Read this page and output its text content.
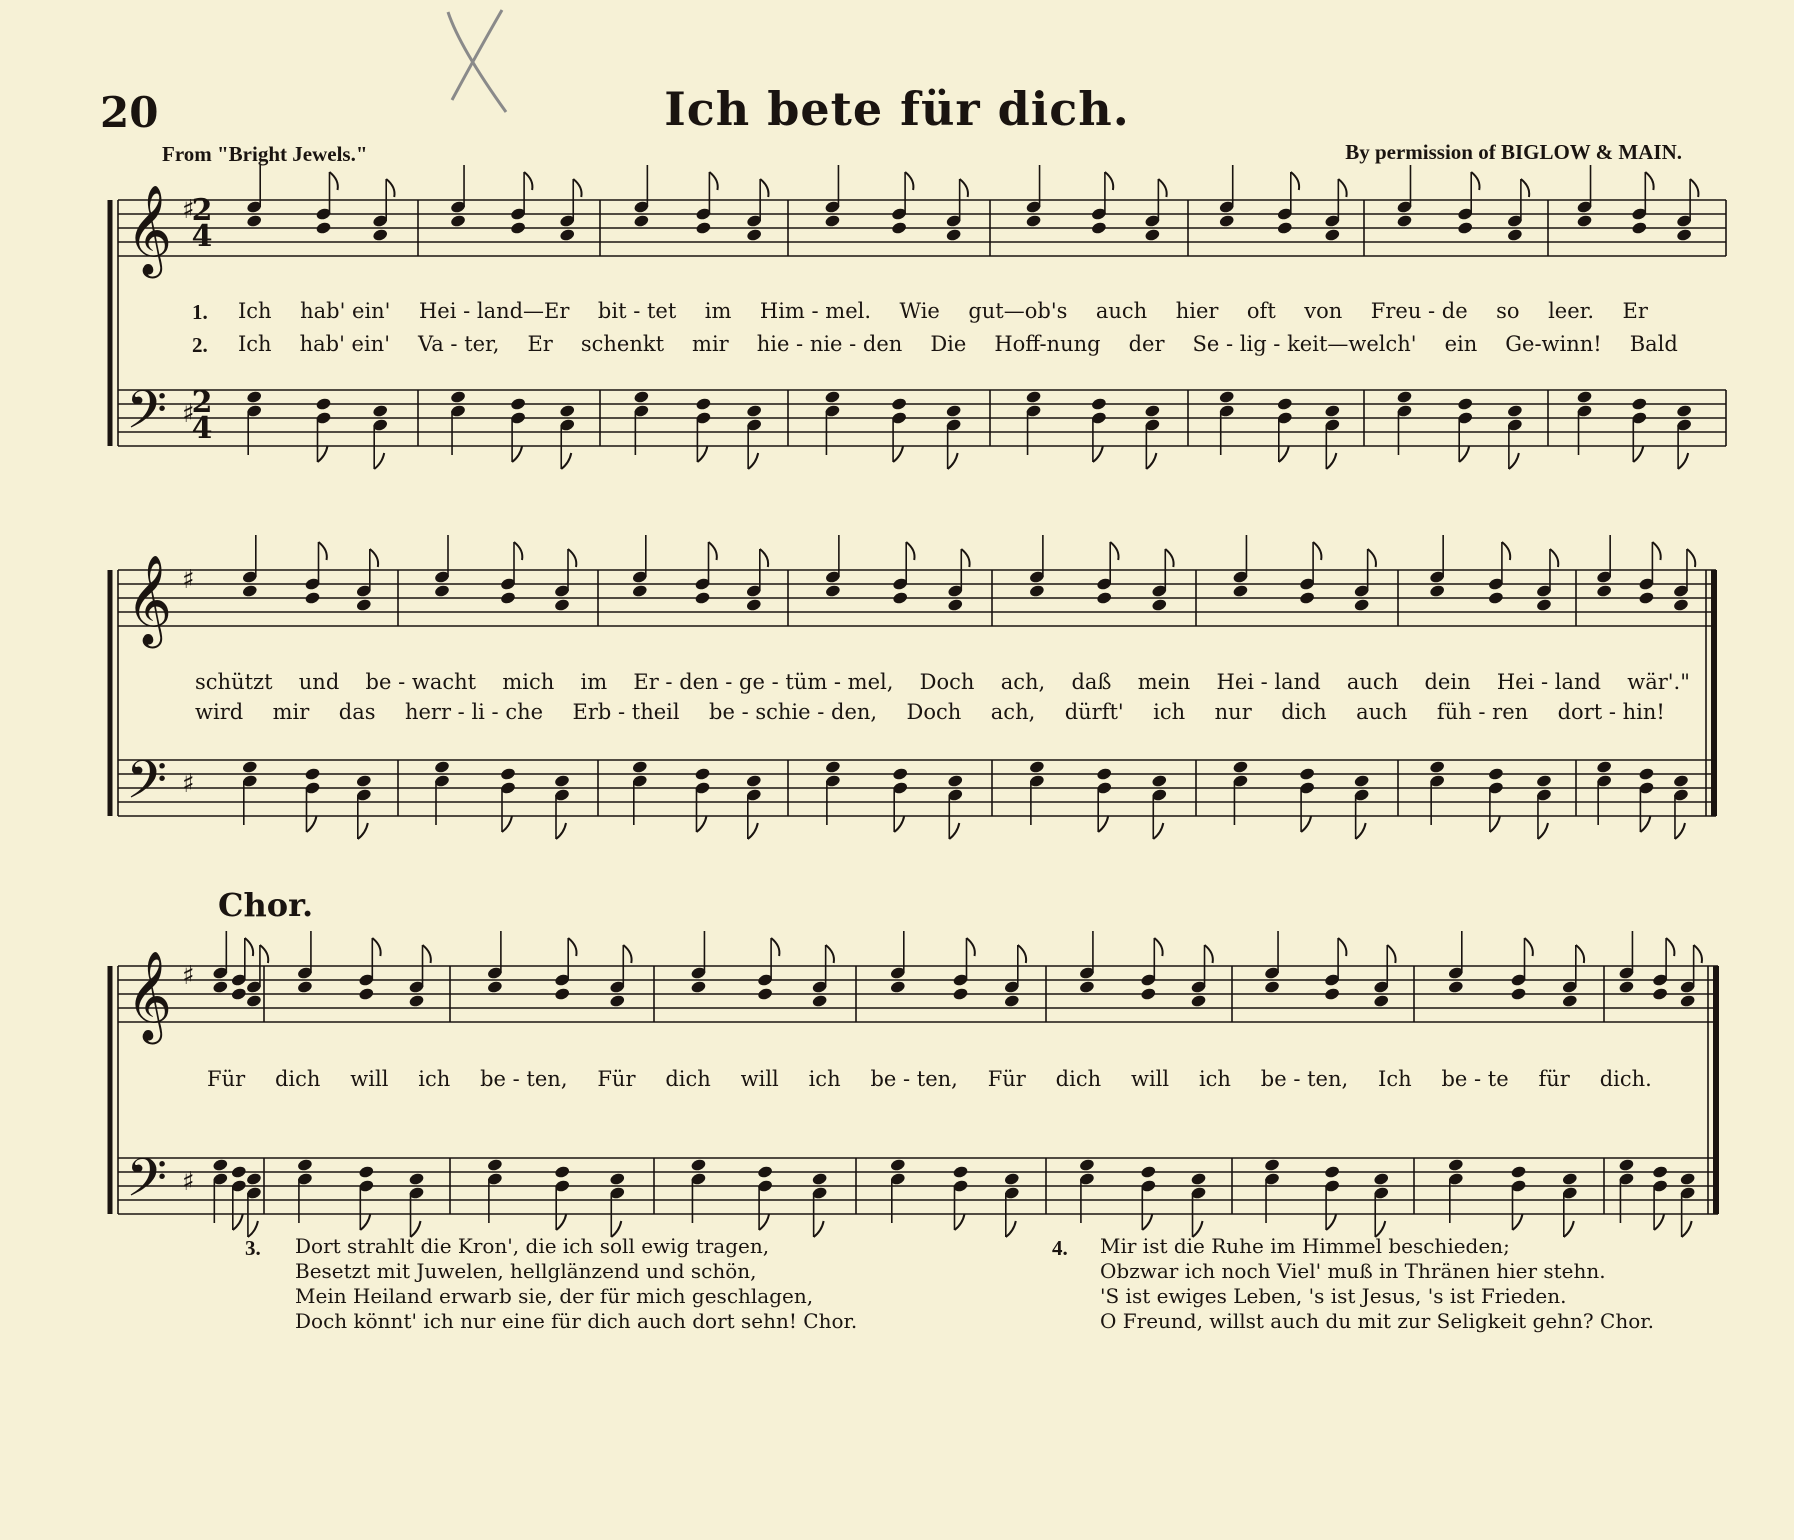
20	Ich bete für dich.
From "Bright Jewels."	By permission of BIGLOW & MAIN.
𝄞
𝄢
♯
♯
𝄞
𝄢
♯
♯
𝄞
𝄢
♯
♯
2
4
2
4
1. Ich hab' ein' Hei - land—Er bit - tet im Him - mel. Wie gut—ob's auch hier oft von Freu - de so leer. Er
2. Ich hab' ein' Va - ter, Er schenkt mir hie - nie - den Die Hoff-nung der Se - lig - keit—welch' ein Ge-winn! Bald
schützt und be - wacht mich im Er - den - ge - tüm - mel, Doch ach, daß mein Hei - land auch dein Hei - land wär'."
wird mir das herr - li - che Erb - theil be - schie - den, Doch ach, dürft' ich nur dich auch füh - ren dort - hin!
Chor.
Für dich will ich be - ten, Für dich will ich be - ten, Für dich will ich be - ten, Ich be - te für dich.
3. Dort strahlt die Kron', die ich soll ewig tragen,
Besetzt mit Juwelen, hellglänzend und schön,
Mein Heiland erwarb sie, der für mich geschlagen,
Doch könnt' ich nur eine für dich auch dort sehn! Chor.
4. Mir ist die Ruhe im Himmel beschieden;
Obzwar ich noch Viel' muß in Thränen hier stehn.
'S ist ewiges Leben, 's ist Jesus, 's ist Frieden.
O Freund, willst auch du mit zur Seligkeit gehn? Chor.
